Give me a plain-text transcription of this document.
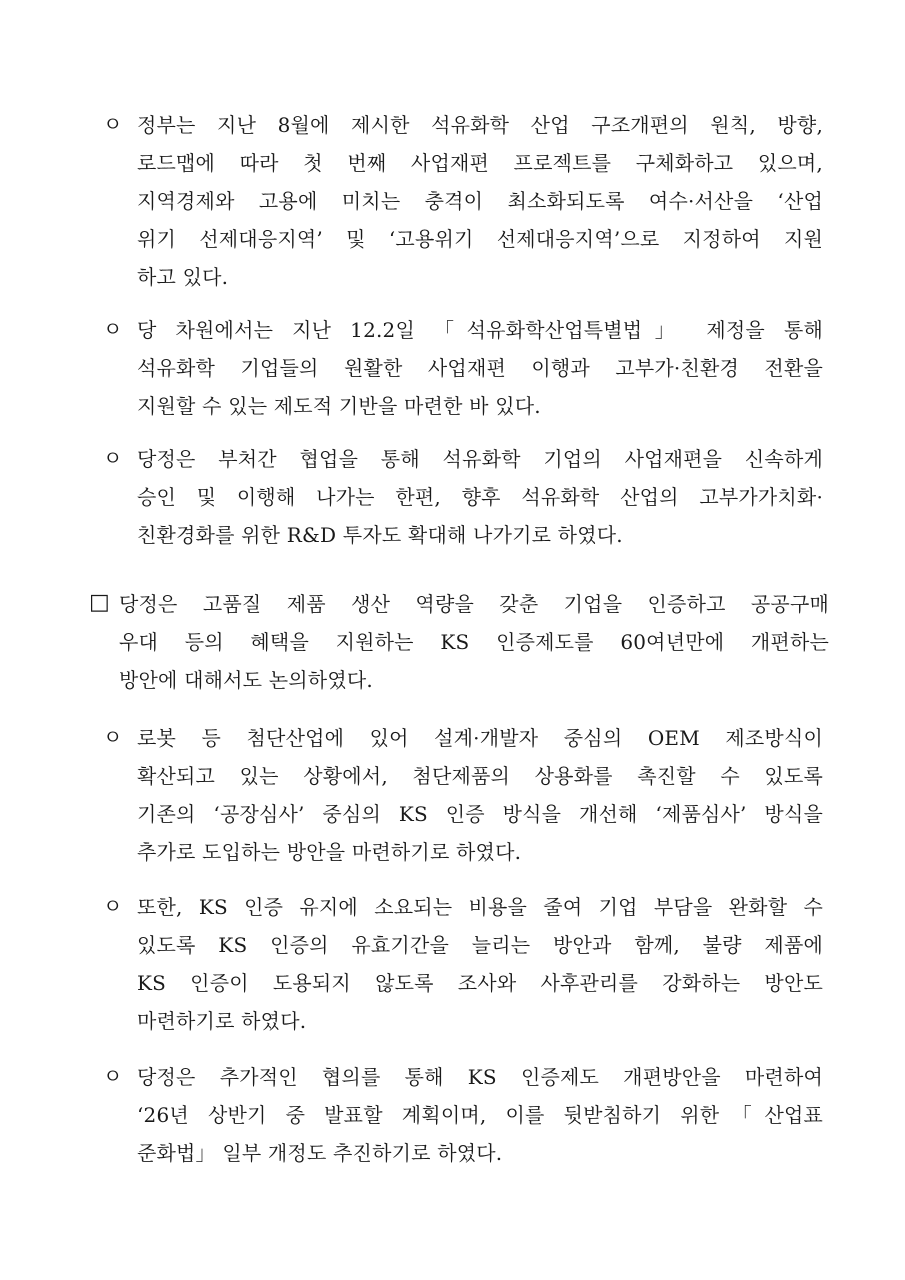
ㅇ 정부는 지난 8월에 제시한 석유화학 산업 구조개편의 원칙, 방향,
로드맵에 따라 첫 번째 사업재편 프로젝트를 구체화하고 있으며,
지역경제와 고용에 미치는 충격이 최소화되도록 여수·서산을 ‘산업
위기 선제대응지역’ 및 ‘고용위기 선제대응지역’으로 지정하여 지원
하고 있다.
ㅇ 당 차원에서는 지난 12.2일 「석유화학산업특별법」 제정을 통해
석유화학 기업들의 원활한 사업재편 이행과 고부가·친환경 전환을
지원할 수 있는 제도적 기반을 마련한 바 있다.
ㅇ 당정은 부처간 협업을 통해 석유화학 기업의 사업재편을 신속하게
승인 및 이행해 나가는 한편, 향후 석유화학 산업의 고부가가치화·
친환경화를 위한 R&D 투자도 확대해 나가기로 하였다.
□ 당정은 고품질 제품 생산 역량을 갖춘 기업을 인증하고 공공구매
우대 등의 혜택을 지원하는 KS 인증제도를 60여년만에 개편하는
방안에 대해서도 논의하였다.
ㅇ 로봇 등 첨단산업에 있어 설계·개발자 중심의 OEM 제조방식이
확산되고 있는 상황에서, 첨단제품의 상용화를 촉진할 수 있도록
기존의 ‘공장심사’ 중심의 KS 인증 방식을 개선해 ‘제품심사’ 방식을
추가로 도입하는 방안을 마련하기로 하였다.
ㅇ 또한, KS 인증 유지에 소요되는 비용을 줄여 기업 부담을 완화할 수
있도록 KS 인증의 유효기간을 늘리는 방안과 함께, 불량 제품에
KS 인증이 도용되지 않도록 조사와 사후관리를 강화하는 방안도
마련하기로 하였다.
ㅇ 당정은 추가적인 협의를 통해 KS 인증제도 개편방안을 마련하여
‘26년 상반기 중 발표할 계획이며, 이를 뒷받침하기 위한「산업표
준화법」 일부 개정도 추진하기로 하였다.
